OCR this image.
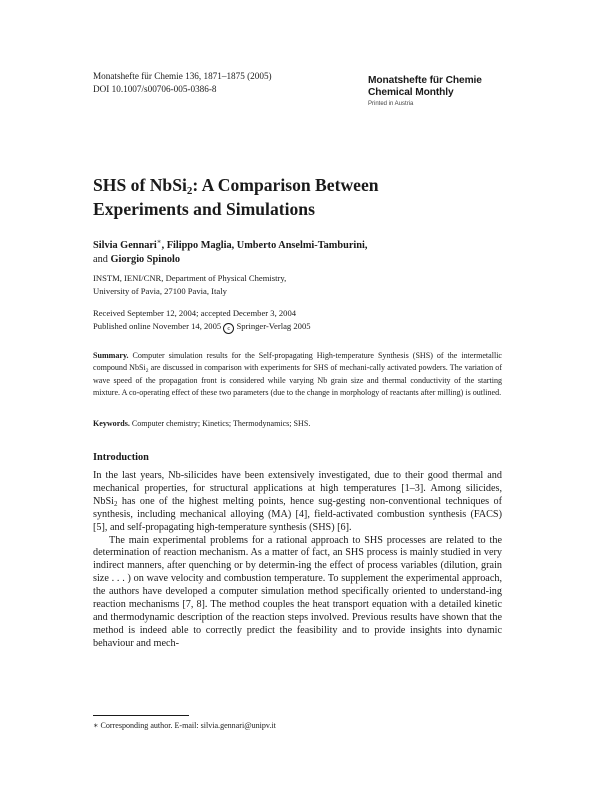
Monatshefte für Chemie 136, 1871–1875 (2005)
DOI 10.1007/s00706-005-0386-8
Monatshefte für Chemie
Chemical Monthly
Printed in Austria
SHS of NbSi$_2$: A Comparison Between
Experiments and Simulations
Silvia Gennari∗, Filippo Maglia, Umberto Anselmi-Tamburini,
and Giorgio Spinolo
INSTM, IENI/CNR, Department of Physical Chemistry,
University of Pavia, 27100 Pavia, Italy
Received September 12, 2004; accepted December 3, 2004
Published online November 14, 2005 c Springer-Verlag 2005

Summary. Computer simulation results for the Self-propagating High-temperature Synthesis (SHS) of the intermetallic compound NbSi$_2$ are discussed in comparison with experiments for SHS of mechani-cally activated powders. The variation of wave speed of the propagation front is considered while varying Nb grain size and thermal conductivity of the starting mixture. A co-operating effect of these two parameters (due to the change in morphology of reactants after milling) is outlined.

Keywords. Computer chemistry; Kinetics; Thermodynamics; SHS.
Introduction

In the last years, Nb-silicides have been extensively investigated, due to their good thermal and mechanical properties, for structural applications at high temperatures [1–3]. Among silicides, NbSi$_2$ has one of the highest melting points, hence sug-gesting non-conventional techniques of synthesis, including mechanical alloying (MA) [4], field-activated combustion synthesis (FACS) [5], and self-propagating high-temperature synthesis (SHS) [6].

The main experimental problems for a rational approach to SHS processes are related to the determination of reaction mechanism. As a matter of fact, an SHS process is mainly studied in very indirect manners, after quenching or by determin-ing the effect of process variables (dilution, grain size . . . ) on wave velocity and combustion temperature. To supplement the experimental approach, the authors have developed a computer simulation method specifically oriented to understand-ing reaction mechanisms [7, 8]. The method couples the heat transport equation with a detailed kinetic and thermodynamic description of the reaction steps involved. Previous results have shown that the method is indeed able to correctly predict the feasibility and to provide insights into dynamic behaviour and mech-

∗ Corresponding author. E-mail: silvia.gennari@unipv.it
